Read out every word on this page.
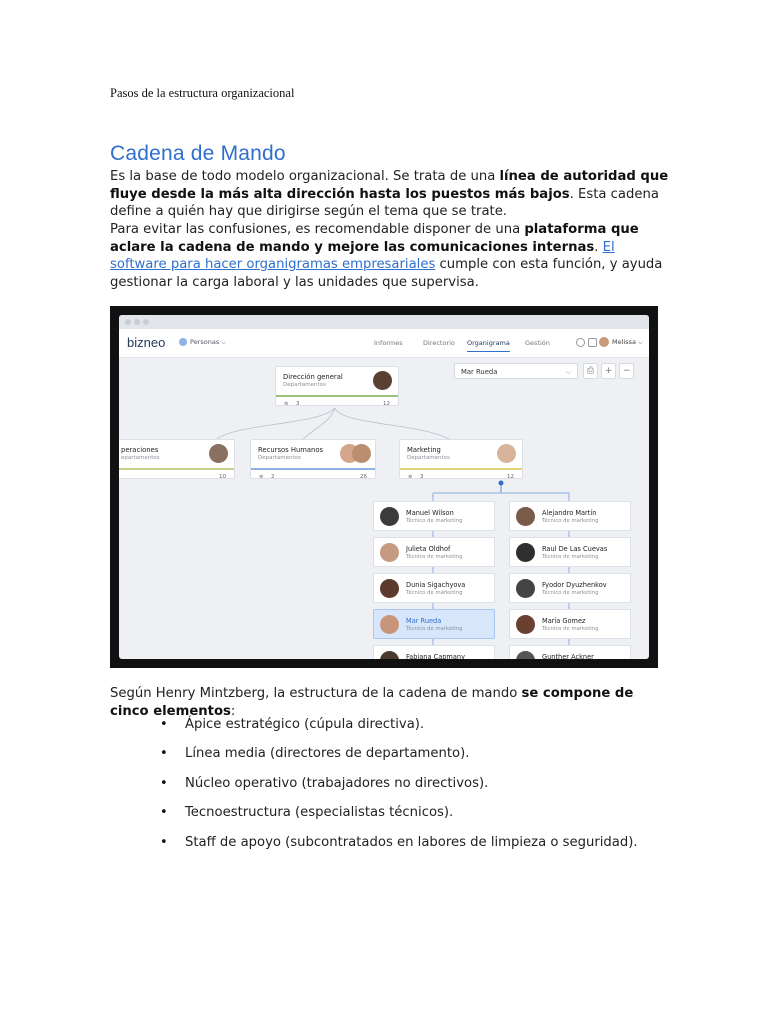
Pasos de la estructura organizacional
Cadena de Mando

Es la base de todo modelo organizacional. Se trata de una línea de autoridad que fluye desde la más alta dirección hasta los puestos más bajos. Esta cadena define a quién hay que dirigirse según el tema que se trate.

Para evitar las confusiones, es recomendable disponer de una plataforma que aclare la cadena de mando y mejore las comunicaciones internas. El software para hacer organigramas empresariales cumple con esta función, y ayuda gestionar la carga laboral y las unidades que supervisa.

bizneo	Personas ⌵	Informes	Directorio Organigrama Gestión	Melissa ⌵
Mar Rueda	⌵	⎙	+	−
Dirección general
Departamentos
≋ 3	12
peraciones
epartamentos
10
Recursos Humanos
Departamentos
≋ 2	26
Marketing
Departamentos
≋ 3	12
Manuel Wilson
Técnico de marketing
Alejandro Martín
Técnico de marketing
Julieta Oldhof
Técnico de marketing
Raul De Las Cuevas
Técnico de marketing
Dunia Sigachyova
Técnico de marketing
Fyodor Dyuzhenkov
Técnico de marketing
Mar Rueda
Técnico de marketing
María Gomez
Técnico de marketing
Fabiana Capmany	Gunther Ackner

Según Henry Mintzberg, la estructura de la cadena de mando se compone de cinco elementos:

• Ápice estratégico (cúpula directiva).
• Línea media (directores de departamento).
• Núcleo operativo (trabajadores no directivos).
• Tecnoestructura (especialistas técnicos).
• Staff de apoyo (subcontratados en labores de limpieza o seguridad).
